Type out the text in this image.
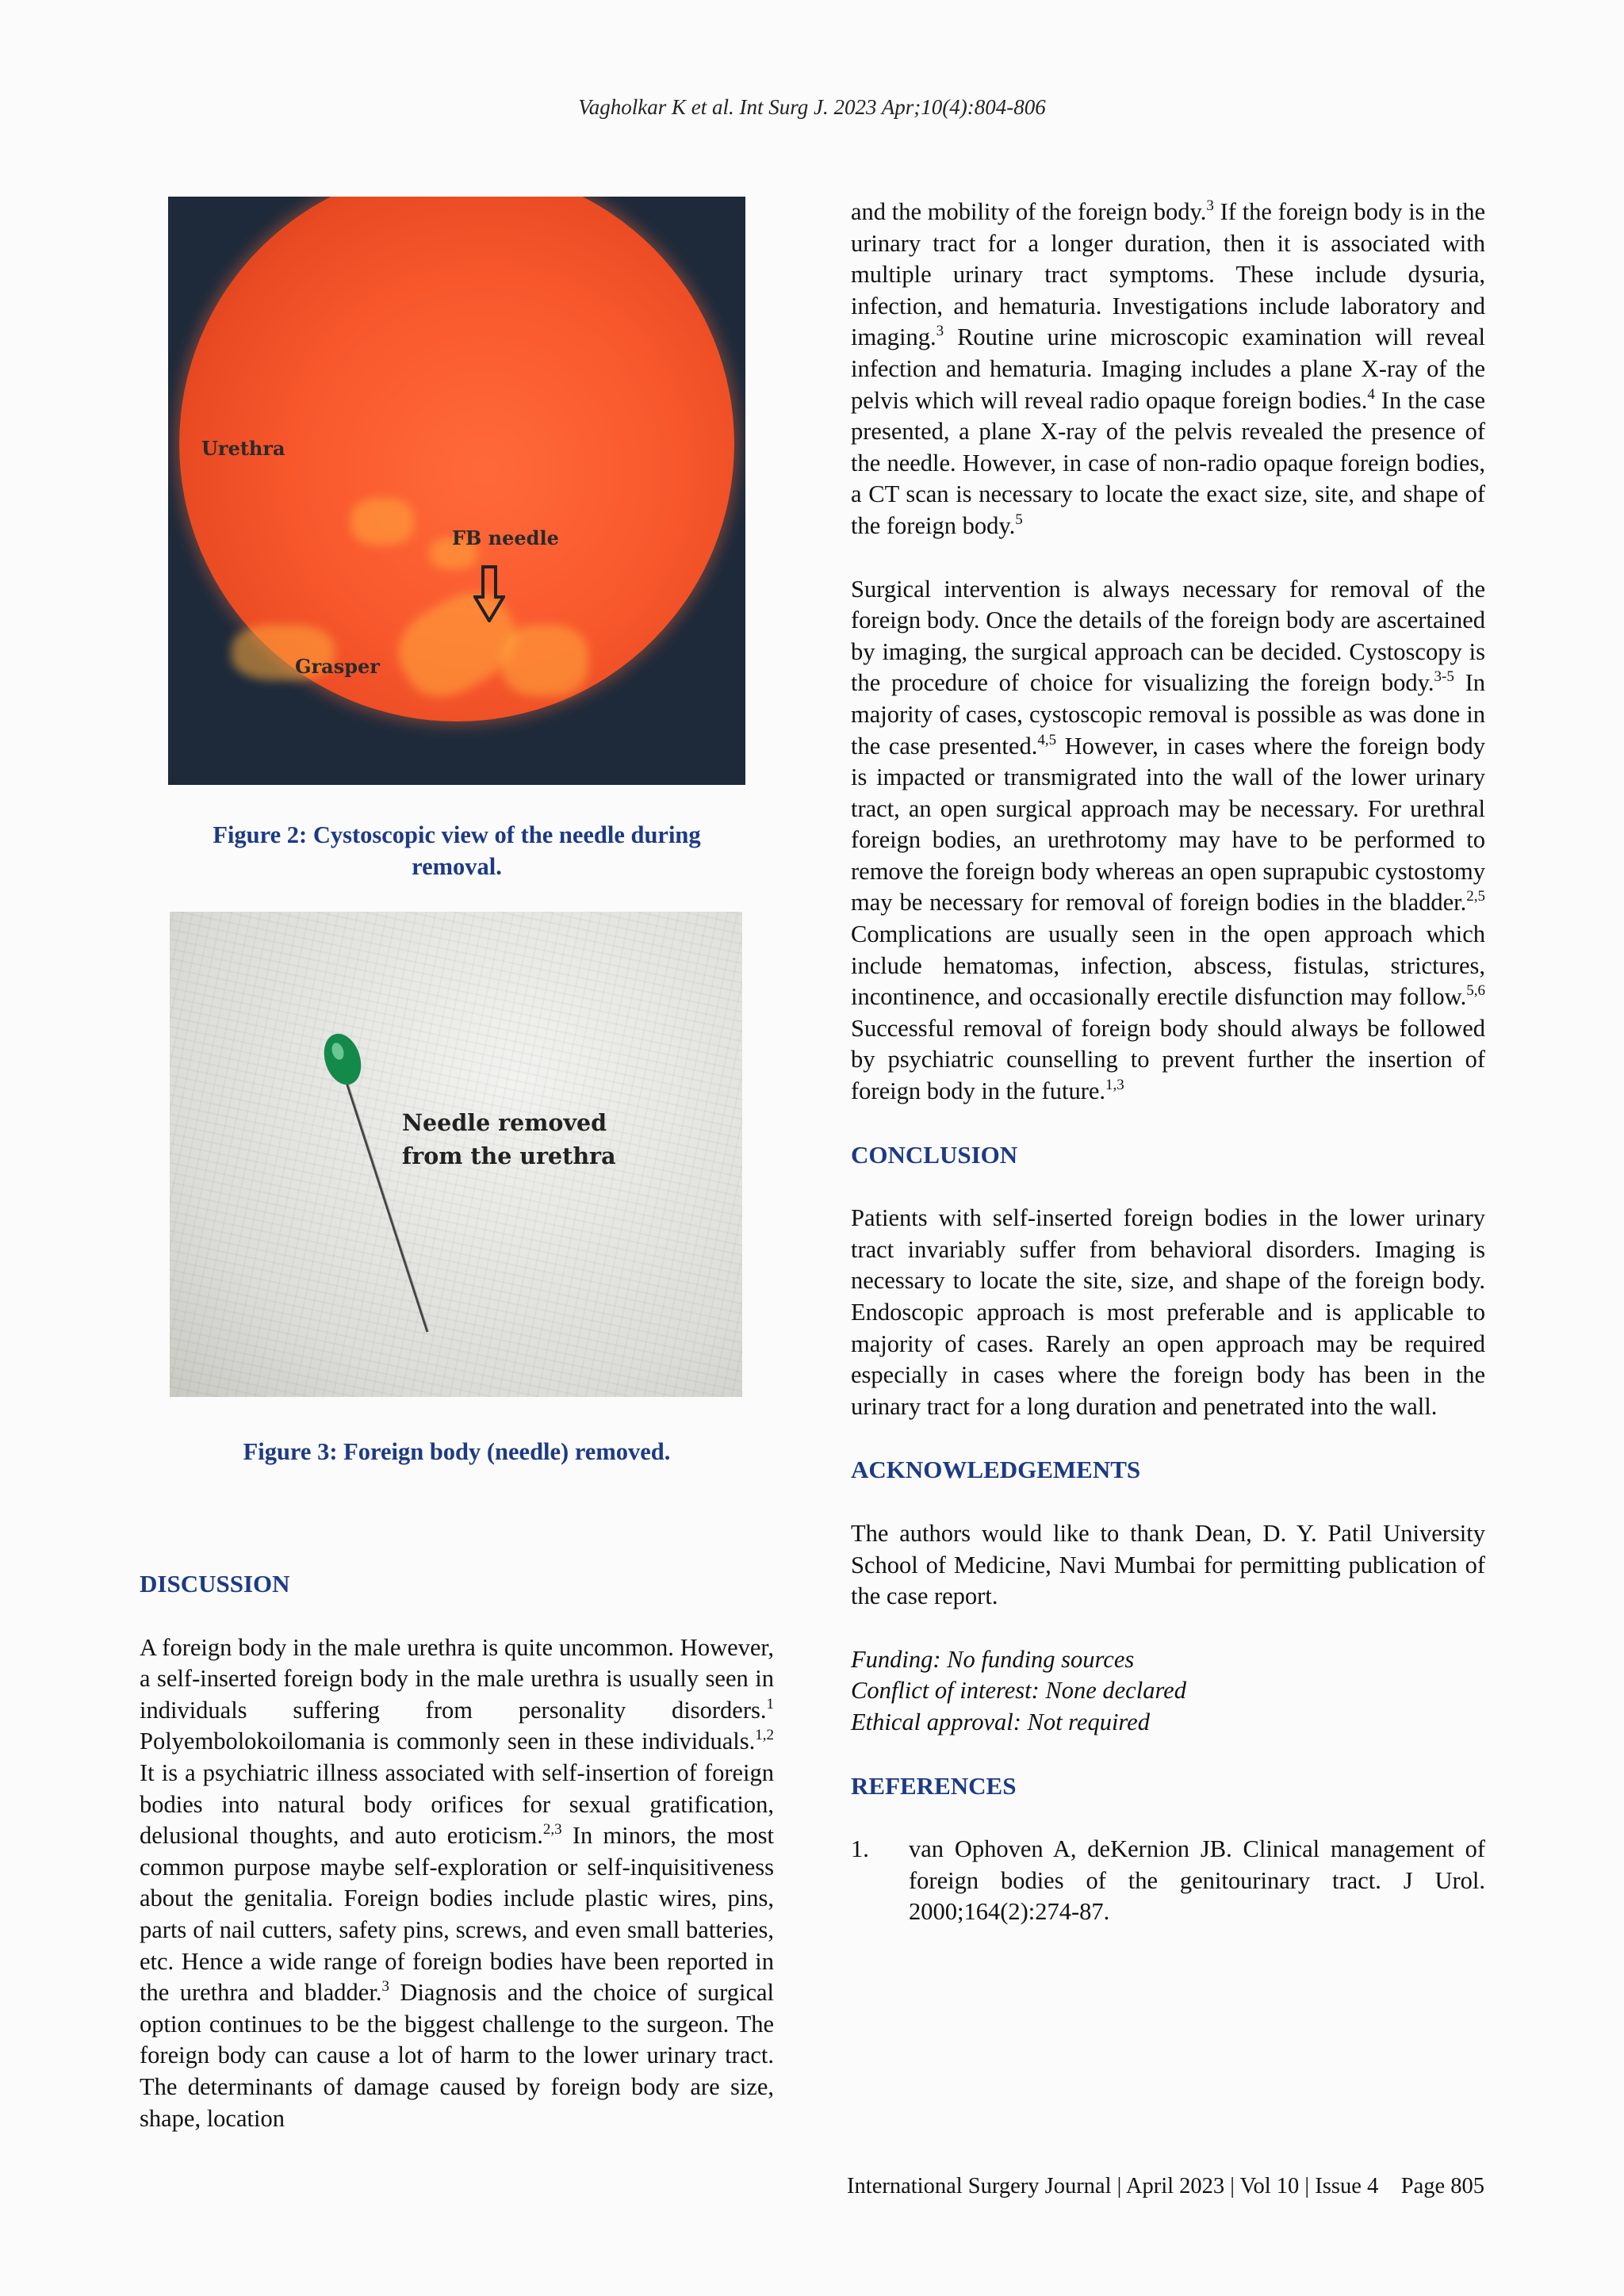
Vagholkar K et al. Int Surg J. 2023 Apr;10(4):804-806
Urethra
FB needle
Grasper
Figure 2: Cystoscopic view of the needle during
removal.
Needle removed
from the urethra
Figure 3: Foreign body (needle) removed.
DISCUSSION

A foreign body in the male urethra is quite uncommon. However, a self-inserted foreign body in the male urethra is usually seen in individuals suffering from personality disorders.$^1$ Polyembolokoilomania is commonly seen in these individuals.$^{1,2}$ It is a psychiatric illness associated with self-insertion of foreign bodies into natural body orifices for sexual gratification, delusional thoughts, and auto eroticism.$^{2,3}$ In minors, the most common purpose maybe self-exploration or self-inquisitiveness about the genitalia. Foreign bodies include plastic wires, pins, parts of nail cutters, safety pins, screws, and even small batteries, etc. Hence a wide range of foreign bodies have been reported in the urethra and bladder.$^3$ Diagnosis and the choice of surgical option continues to be the biggest challenge to the surgeon. The foreign body can cause a lot of harm to the lower urinary tract. The determinants of damage caused by foreign body are size, shape, location

and the mobility of the foreign body.$^3$ If the foreign body is in the urinary tract for a longer duration, then it is associated with multiple urinary tract symptoms. These include dysuria, infection, and hematuria. Investigations include laboratory and imaging.$^3$ Routine urine microscopic examination will reveal infection and hematuria. Imaging includes a plane X-ray of the pelvis which will reveal radio opaque foreign bodies.$^4$ In the case presented, a plane X-ray of the pelvis revealed the presence of the needle. However, in case of non-radio opaque foreign bodies, a CT scan is necessary to locate the exact size, site, and shape of the foreign body.$^5$

Surgical intervention is always necessary for removal of the foreign body. Once the details of the foreign body are ascertained by imaging, the surgical approach can be decided. Cystoscopy is the procedure of choice for visualizing the foreign body.$^{3-5}$ In majority of cases, cystoscopic removal is possible as was done in the case presented.$^{4,5}$ However, in cases where the foreign body is impacted or transmigrated into the wall of the lower urinary tract, an open surgical approach may be necessary. For urethral foreign bodies, an urethrotomy may have to be performed to remove the foreign body whereas an open suprapubic cystostomy may be necessary for removal of foreign bodies in the bladder.$^{2,5}$ Complications are usually seen in the open approach which include hematomas, infection, abscess, fistulas, strictures, incontinence, and occasionally erectile disfunction may follow.$^{5,6}$ Successful removal of foreign body should always be followed by psychiatric counselling to prevent further the insertion of foreign body in the future.$^{1,3}$

CONCLUSION

Patients with self-inserted foreign bodies in the lower urinary tract invariably suffer from behavioral disorders. Imaging is necessary to locate the site, size, and shape of the foreign body. Endoscopic approach is most preferable and is applicable to majority of cases. Rarely an open approach may be required especially in cases where the foreign body has been in the urinary tract for a long duration and penetrated into the wall.

ACKNOWLEDGEMENTS

The authors would like to thank Dean, D. Y. Patil University School of Medicine, Navi Mumbai for permitting publication of the case report.

Funding: No funding sources

Conflict of interest: None declared

Ethical approval: Not required

REFERENCES
1. van Ophoven A, deKernion JB. Clinical management of foreign bodies of the genitourinary tract. J Urol. 2000;164(2):274-87.
International Surgery Journal | April 2023 | Vol 10 | Issue 4    Page 805
